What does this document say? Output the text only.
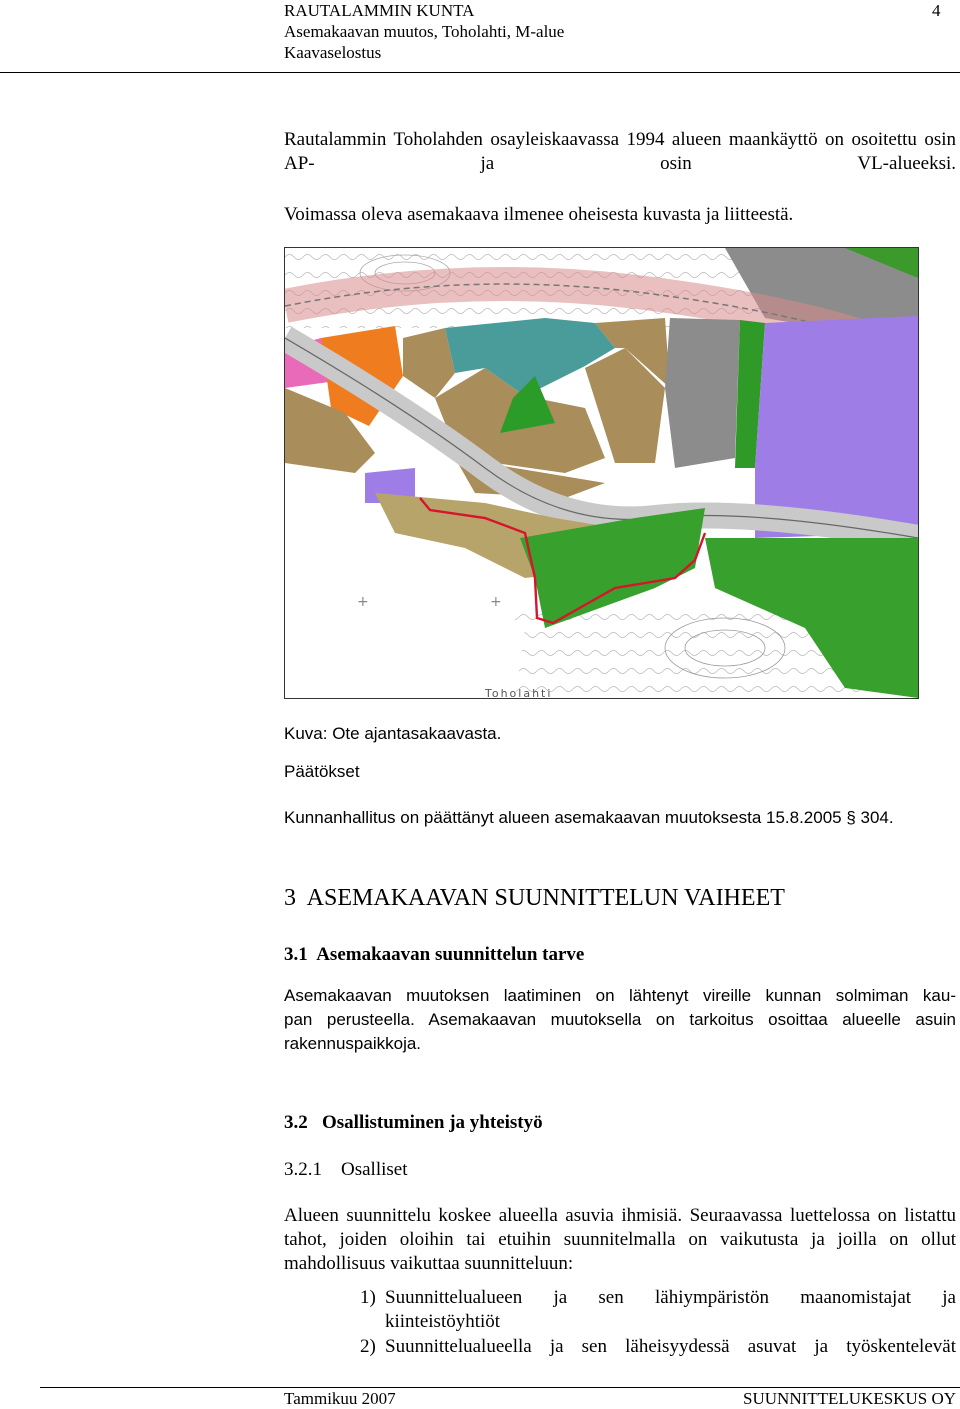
RAUTALAMMIN KUNTA	4
Asemakaavan muutos, Toholahti, M-alue
Kaavaselostus
Rautalammin Toholahden osayleiskaavassa 1994 alueen maankäyttö on osoitettu osin AP- ja osin VL-alueeksi.
Voimassa oleva asemakaava ilmenee oheisesta kuvasta ja liitteestä.
+	+
Toholahti
Kuva: Ote ajantasakaavasta.
Päätökset
Kunnanhallitus on päättänyt alueen asemakaavan muutoksesta 15.8.2005 § 304.
3  ASEMAKAAVAN SUUNNITTELUN VAIHEET
3.1  Asemakaavan suunnittelun tarve
Asemakaavan muutoksen laatiminen on lähtenyt vireille kunnan solmiman kau-
pan perusteella. Asemakaavan muutoksella on tarkoitus osoittaa alueelle asuin rakennuspaikkoja.
3.2   Osallistuminen ja yhteistyö
3.2.1    Osalliset
Alueen suunnittelu koskee alueella asuvia ihmisiä. Seuraavassa luettelossa on listattu tahot, joiden oloihin tai etuihin suunnitelmalla on vaikutusta ja joilla on ollut mahdollisuus vaikuttaa suunnitteluun:
1) Suunnittelualueen ja sen lähiympäristön maanomistajat ja
kiinteistöyhtiöt
2) Suunnittelualueella ja sen läheisyydessä asuvat ja työskentelevät
Tammikuu 2007	SUUNNITTELUKESKUS OY
